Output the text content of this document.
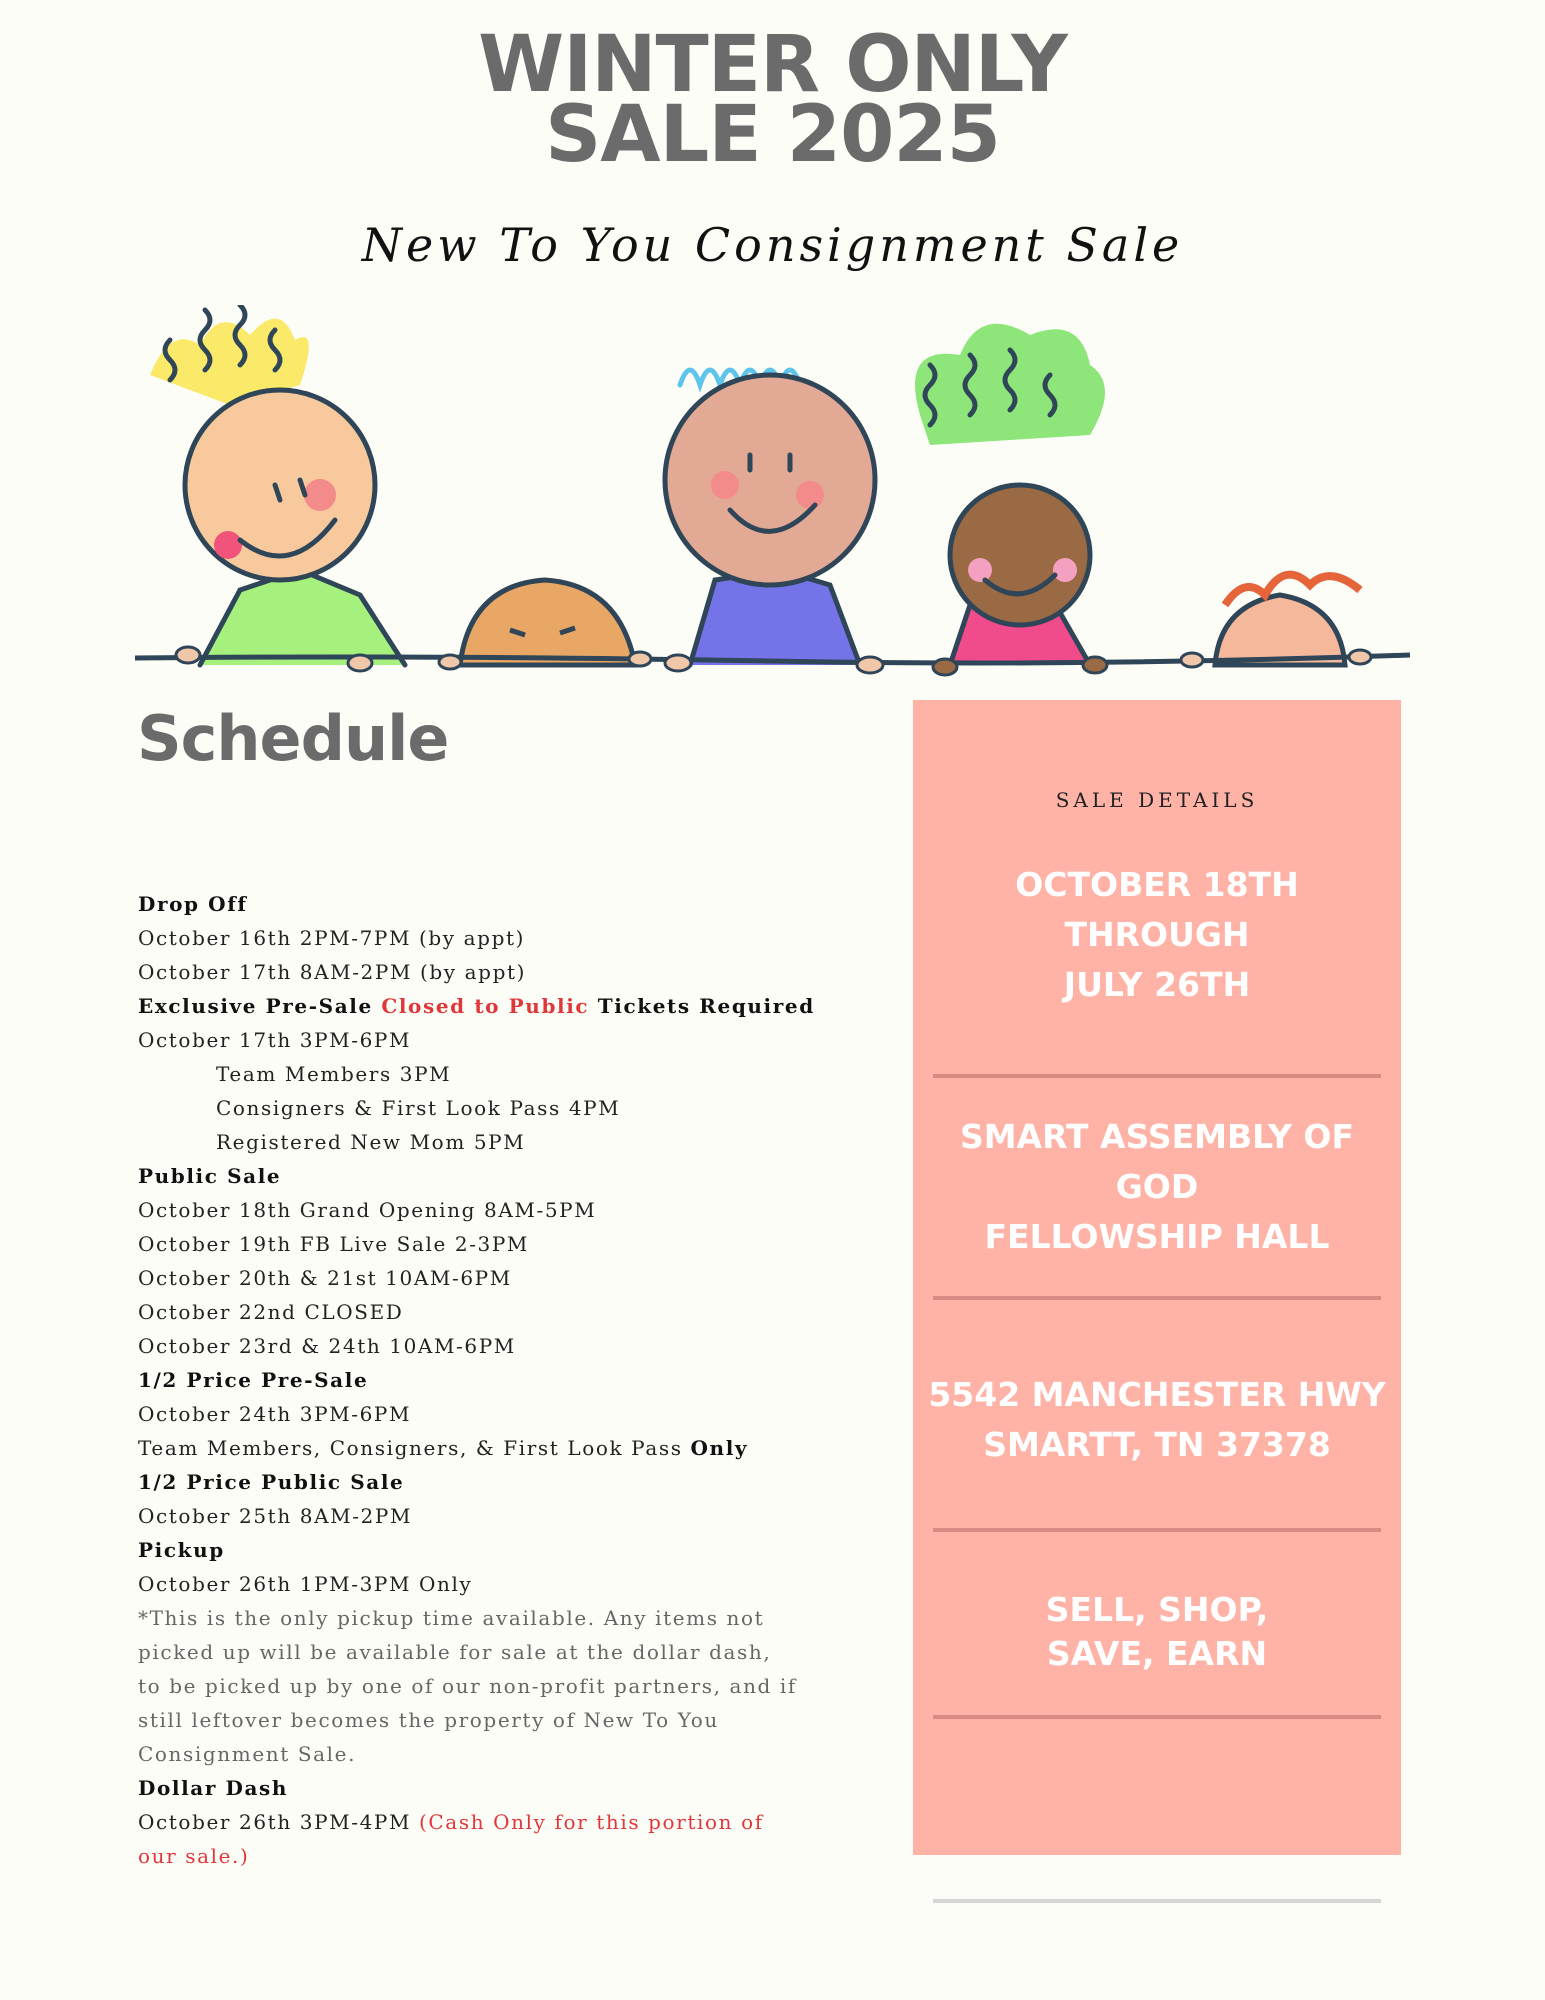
WINTER ONLY
SALE 2025
New To You Consignment Sale
Schedule
Drop Off
October 16th 2PM-7PM (by appt)
October 17th 8AM-2PM (by appt)
Exclusive Pre-Sale Closed to Public Tickets Required
October 17th 3PM-6PM
Team Members 3PM
Consigners & First Look Pass 4PM
Registered New Mom 5PM
Public Sale
October 18th Grand Opening 8AM-5PM
October 19th FB Live Sale 2-3PM
October 20th & 21st 10AM-6PM
October 22nd CLOSED
October 23rd & 24th 10AM-6PM
1/2 Price Pre-Sale
October 24th 3PM-6PM
Team Members, Consigners, & First Look Pass Only
1/2 Price Public Sale
October 25th 8AM-2PM
Pickup
October 26th 1PM-3PM Only
*This is the only pickup time available. Any items not picked up will be available for sale at the dollar dash, to be picked up by one of our non-profit partners, and if still leftover becomes the property of New To You Consignment Sale.
Dollar Dash
October 26th 3PM-4PM (Cash Only for this portion of our sale.)
SALE DETAILS
OCTOBER 18TH
THROUGH
JULY 26TH
SMART ASSEMBLY OF
GOD
FELLOWSHIP HALL
5542 MANCHESTER HWY
SMARTT, TN 37378
SELL, SHOP,
SAVE, EARN
